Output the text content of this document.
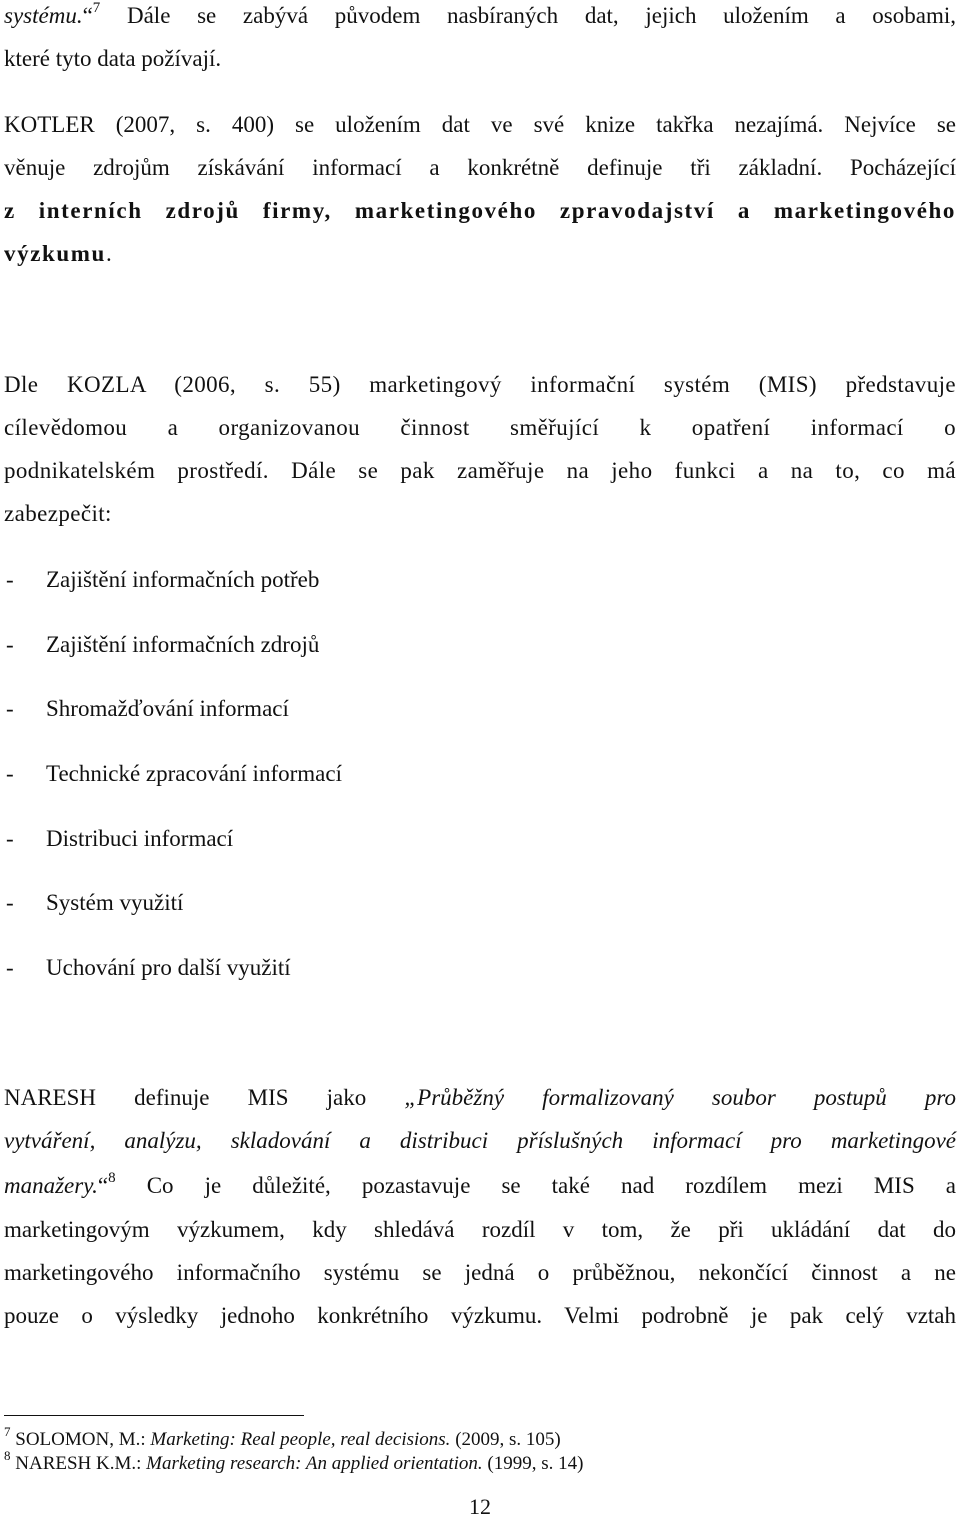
systému.“$^7$ Dále se zabývá původem nasbíraných dat, jejich uložením a osobami,
které tyto data požívají.
KOTLER (2007, s. 400) se uložením dat ve své knize takřka nezajímá. Nejvíce se
věnuje zdrojům získávání informací a konkrétně definuje tři základní. Pocházející
z interních zdrojů firmy, marketingového zpravodajství a marketingového
výzkumu.
Dle KOZLA (2006, s. 55) marketingový informační systém (MIS) představuje
cílevědomou a organizovanou činnost směřující k opatření informací o
podnikatelském prostředí. Dále se pak zaměřuje na jeho funkci a na to, co má
zabezpečit:
- Zajištění informačních potřeb
- Zajištění informačních zdrojů
- Shromažďování informací
- Technické zpracování informací
- Distribuci informací
- Systém využití
- Uchování pro další využití
NARESH definuje MIS jako „Průběžný formalizovaný soubor postupů pro
vytváření, analýzu, skladování a distribuci příslušných informací pro marketingové
manažery.“$^8$ Co je důležité, pozastavuje se také nad rozdílem mezi MIS a
marketingovým výzkumem, kdy shledává rozdíl v tom, že při ukládání dat do
marketingového informačního systému se jedná o průběžnou, nekončící činnost a ne
pouze o výsledky jednoho konkrétního výzkumu. Velmi podrobně je pak celý vztah
$^7$ SOLOMON, M.: Marketing: Real people, real decisions. (2009, s. 105)
$^8$ NARESH K.M.: Marketing research: An applied orientation. (1999, s. 14)
12
